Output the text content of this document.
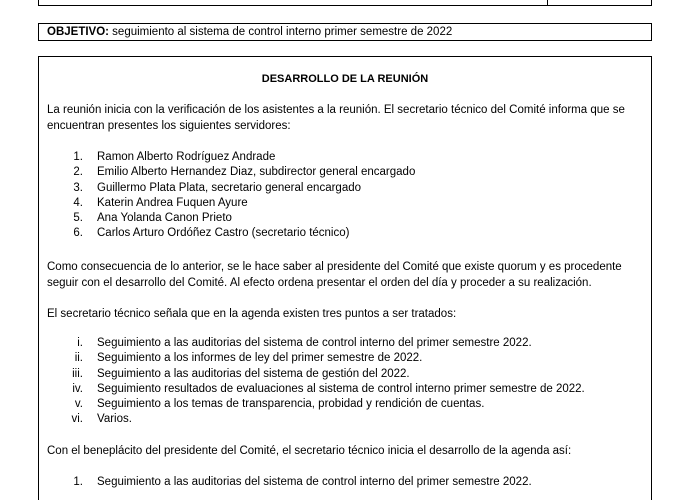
OBJETIVO: seguimiento al sistema de control interno primer semestre de 2022
DESARROLLO DE LA REUNIÓN

La reunión inicia con la verificación de los asistentes a la reunión. El secretario técnico del Comité informa que se encuentran presentes los siguientes servidores:

1. Ramon Alberto Rodríguez Andrade
2. Emilio Alberto Hernandez Diaz, subdirector general encargado
3. Guillermo Plata Plata, secretario general encargado
4. Katerin Andrea Fuquen Ayure
5. Ana Yolanda Canon Prieto
6. Carlos Arturo Ordóñez Castro (secretario técnico)

Como consecuencia de lo anterior, se le hace saber al presidente del Comité que existe quorum y es procedente seguir con el desarrollo del Comité. Al efecto ordena presentar el orden del día y proceder a su realización.

El secretario técnico señala que en la agenda existen tres puntos a ser tratados:

i. Seguimiento a las auditorias del sistema de control interno del primer semestre 2022.
ii. Seguimiento a los informes de ley del primer semestre de 2022.
iii. Seguimiento a las auditorias del sistema de gestión del 2022.
iv. Seguimiento resultados de evaluaciones al sistema de control interno primer semestre de 2022.
v. Seguimiento a los temas de transparencia, probidad y rendición de cuentas.
vi. Varios.

Con el beneplácito del presidente del Comité, el secretario técnico inicia el desarrollo de la agenda así:

1. Seguimiento a las auditorias del sistema de control interno del primer semestre 2022.
